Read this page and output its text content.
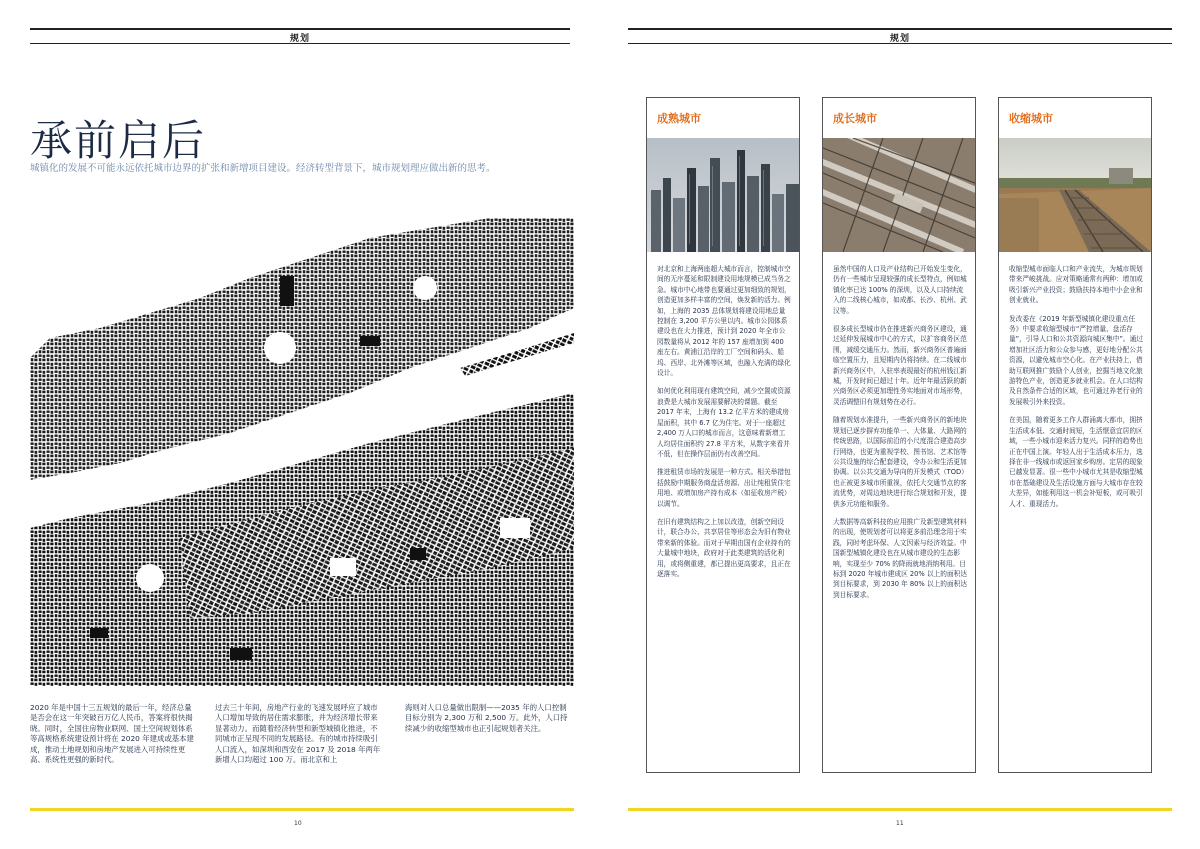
规划
承前启后
城镇化的发展不可能永远依托城市边界的扩张和新增项目建设。经济转型背景下，城市规划理应做出新的思考。
2020 年是中国十三五规划的最后一年，经济总量是否会在这一年突破百万亿人民币，答案将很快揭晓。同时，全国住房物业联网、国土空间规划体系等高规格系统建设预计将在 2020 年建成或基本建成，推动土地规划和房地产发展进入可持续性更高、系统性更强的新时代。
过去三十年间，房地产行业的飞速发展呼应了城市人口增加导致的居住需求膨胀，并为经济增长带来显著动力。而随着经济转型和新型城镇化推进，不同城市正呈现不同的发展路径。有的城市持续吸引人口流入，如深圳和西安在 2017 及 2018 年两年新增人口均超过 100 万。而北京和上
海则对人口总量做出限制——2035 年的人口控制目标分别为 2,300 万和 2,500 万。此外，人口持续减少的收缩型城市也正引起规划者关注。
10
规划
成熟城市

对北京和上海两座超大城市而言，控制城市空间的无序蔓延和限制建设用地规模已成当务之急。城市中心地带也要通过更加细致的规划，创造更加多样丰富的空间，焕发新的活力。例如，上海的 2035 总体规划将建设用地总量控制在 3,200 平方公里以内。城市公园体系建设也在大力推进，预计到 2020 年全市公园数量将从 2012 年的 157 座增加到 400 座左右。黄浦江沿岸的工厂空间和码头、船坞、西岸、北外滩等区域，也融入充满的绿化设计。

如何优化利用现有建筑空间，减少空置或资源浪费是大城市发展需要解决的课题。截至 2017 年末，上海有 13.2 亿平方米的建成房屋面积，其中 6.7 亿为住宅。对于一座超过 2,400 万人口的城市而言，这意味着新增工人均居住面积约 27.8 平方米，从数字来看并不低，但在操作层面仍有改善空间。

推进租赁市场的发展是一种方式。相关举措包括鼓励中期服务商盘活房源、出让纯租赁住宅用地、或增加房产持有成本（如征收房产税）以调节。

在旧有建筑结构之上加以改造，创新空间设计，联合办公、共享居住等形态会为旧有物业带来新的体验。而对于早期由国有企业持有的大量城中地块，政府对于此类建筑的活化利用，或将侧重建，都已提出更高要求，且正在逐落实。

成长城市

虽然中国的人口及产业结构已开始发生变化，仍有一些城市呈现较强的成长型特点，例如城镇化率已达 100% 的深圳，以及人口持续流入的二线核心城市，如成都、长沙、杭州、武汉等。

很多成长型城市仍在推进新兴商务区建设，通过延伸发展城市中心的方式，以扩容商务区范围，减缓交通压力。然而，新兴商务区普遍面临空置压力，且短期内仍将持续。在二线城市新兴商务区中，入驻率表现最好的杭州钱江新城，开发时间已超过十年。近年年最活跃的新兴商务区必须更加理性务实地面对市场形势，灵活调整旧有规划势在必行。

随着规划水准提升，一些新兴商务区的新地块规划已逐步摒弃功能单一、大体量、大路网的传统思路，以国际前沿的小尺度混合建造高步行网络，也更为重视学校、图书馆、艺术馆等公共设施的综合配套建设，令办公和生活更加协调。以公共交通为导向的开发模式（TOD）也正被更多城市所重视，依托大交通节点的客流优势，对周边地块进行综合规划和开发，提供多元功能和服务。

大数据等高新科技的应用推广及新型建筑材料的出现，使规划者可以将更多前沿理念用于实践，同时考虑环保、人文因素与经济效益。中国新型城镇化建设也在从城市建设的生态影响，实现至少 70% 的降雨就地消纳利用。目标到 2020 年城市建成区 20% 以上的面积达到目标要求，到 2030 年 80% 以上的面积达到目标要求。

收缩城市

收缩型城市面临人口和产业流失，为城市规划带来严峻挑战。应对策略通常有两种：增加或吸引新兴产业投资；鼓励扶持本地中小企业和创业就业。

发改委在《2019 年新型城镇化建设重点任务》中要求收缩型城市“严控增量、盘活存量”，引导人口和公共资源向城区集中”。通过增加社区活力和公众参与感，更好地分配公共资源，以避免城市空心化。在产业扶持上，借助互联网推广鼓励个人创业，挖掘当地文化旅游特色产业，创造更多就业机会。在人口结构及自然条件合适的区域，也可通过养老行业的发展吸引外来投资。

在美国，随着更多工作人群涌离大都市，拥挤生活成本低、交通时间短，生活惬意宜居的区域，一些小城市迎来活力复兴。同样的趋势也正在中国上演。年轻人出于生活成本压力，选择在非一线城市或返回家乡购房。定居的现象已越发显著。很一些中小城市尤其是收缩型城市在基础建设及生活设施方面与大城市存在较大差异，如能利用这一机会补短板，或可吸引人才、重现活力。

11
